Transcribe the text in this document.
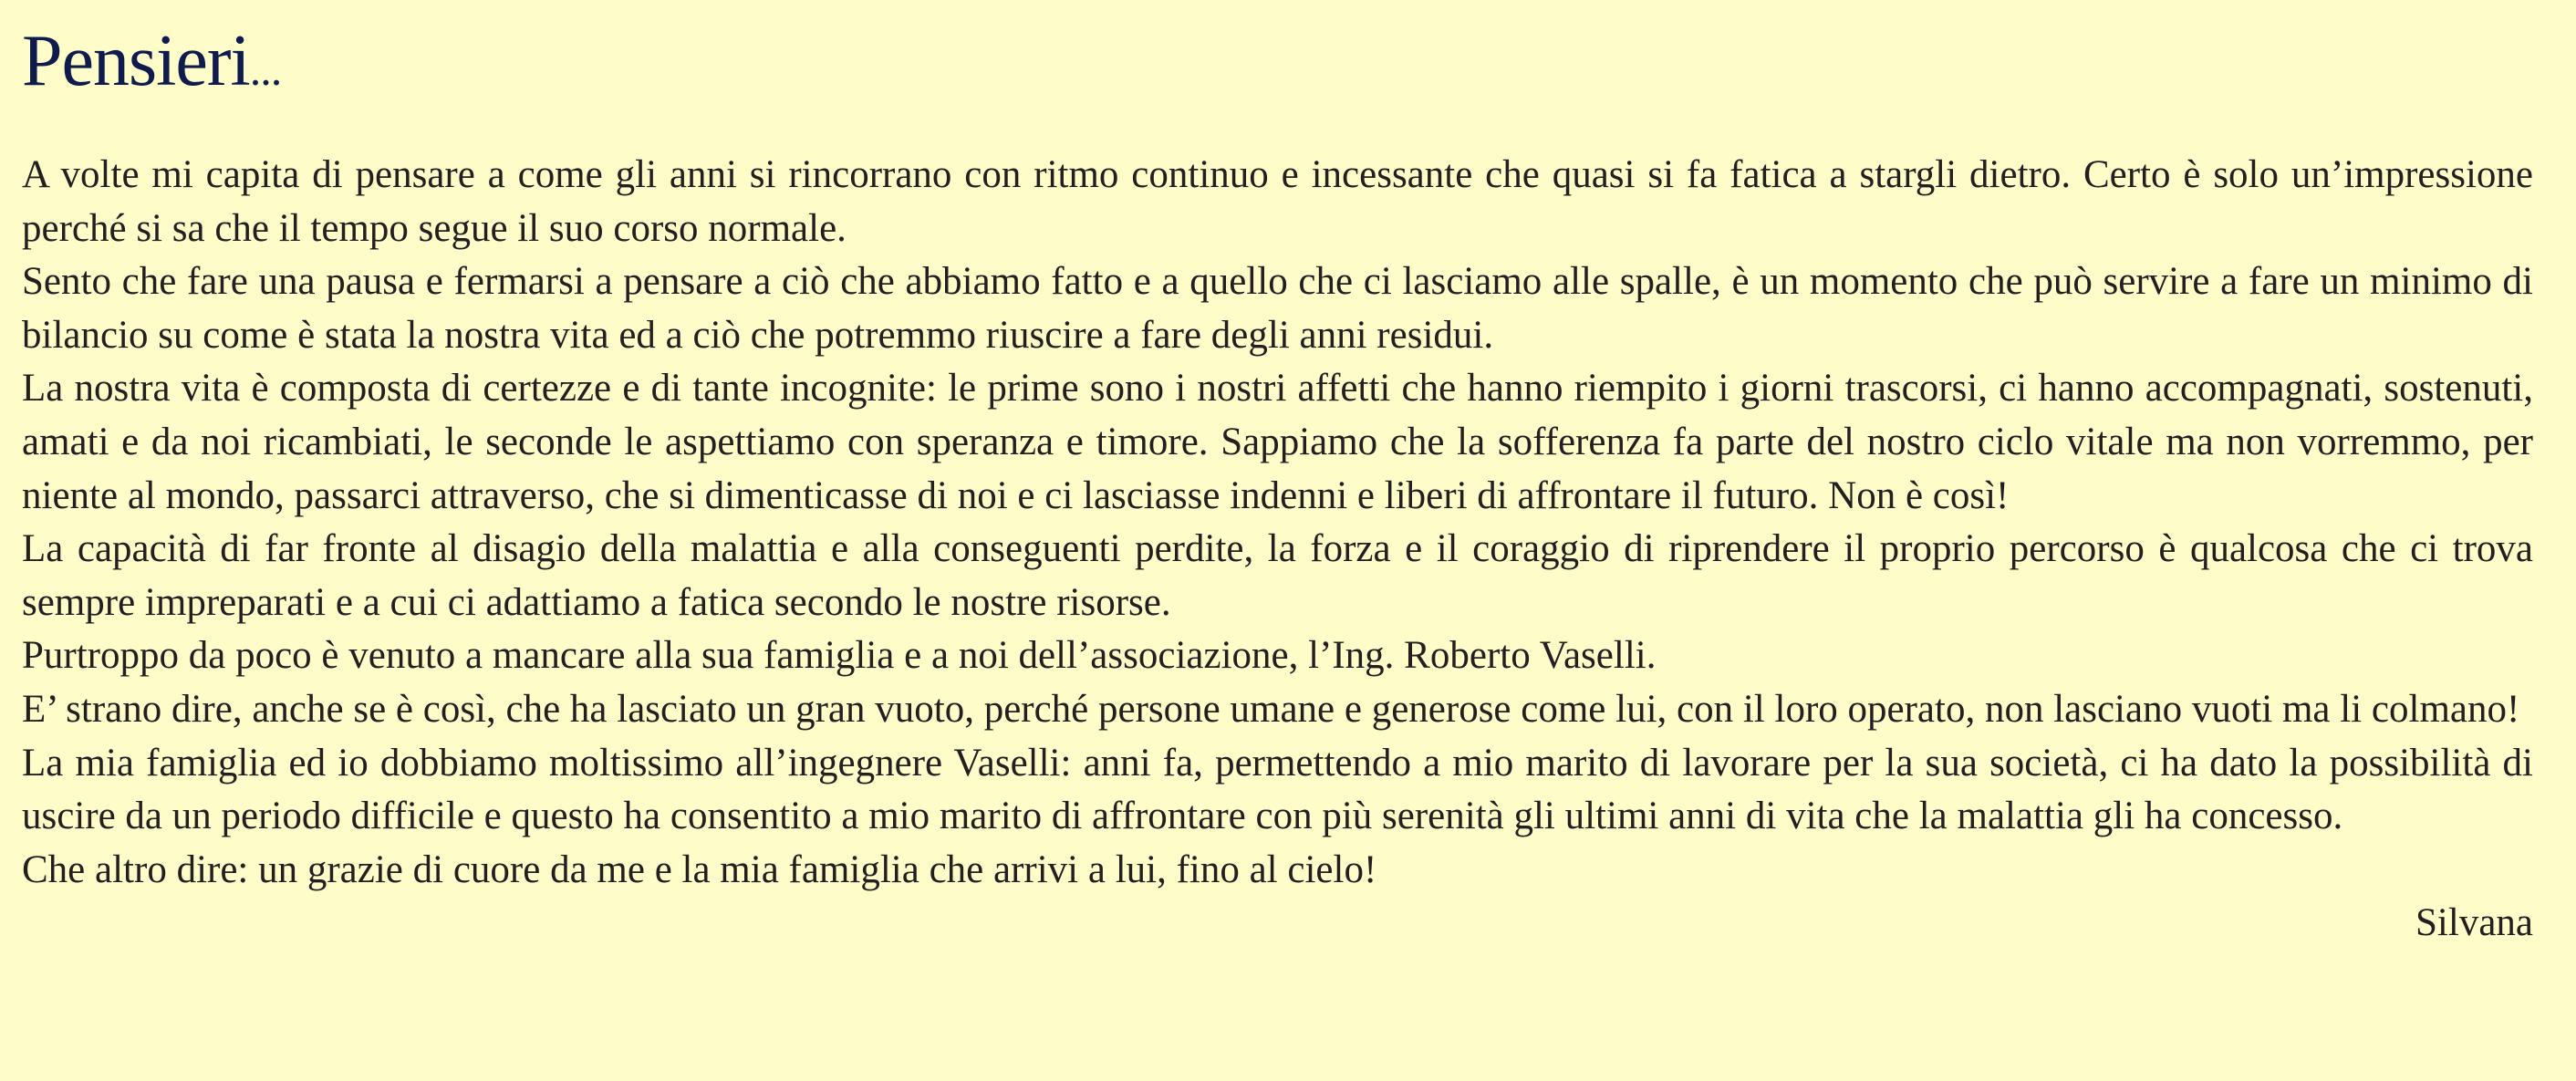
Pensieri...

A volte mi capita di pensare a come gli anni si rincorrano con ritmo continuo e incessante che quasi si fa fatica a stargli dietro. Certo è solo un’impressione perché si sa che il tempo segue il suo corso normale.

Sento che fare una pausa e fermarsi a pensare a ciò che abbiamo fatto e a quello che ci lasciamo alle spalle, è un momento che può servire a fare un minimo di bilancio su come è stata la nostra vita ed a ciò che potremmo riuscire a fare degli anni residui.

La nostra vita è composta di certezze e di tante incognite: le prime sono i nostri affetti che hanno riempito i giorni trascorsi, ci hanno accompagnati, sostenuti, amati e da noi ricambiati, le seconde le aspettiamo con speranza e timore. Sappiamo che la sofferenza fa parte del nostro ciclo vitale ma non vorremmo, per niente al mondo, passarci attraverso, che si dimenticasse di noi e ci lasciasse indenni e liberi di affrontare il futuro. Non è così!

La capacità di far fronte al disagio della malattia e alla conseguenti perdite, la forza e il coraggio di riprendere il proprio percorso è qualcosa che ci trova sempre impreparati e a cui ci adattiamo a fatica secondo le nostre risorse.

Purtroppo da poco è venuto a mancare alla sua famiglia e a noi dell’associazione, l’Ing. Roberto Vaselli.

E’ strano dire, anche se è così, che ha lasciato un gran vuoto, perché persone umane e generose come lui, con il loro operato, non lasciano vuoti ma li colmano!

La mia famiglia ed io dobbiamo moltissimo all’ingegnere Vaselli: anni fa, permettendo a mio marito di lavorare per la sua società, ci ha dato la possibilità di uscire da un periodo difficile e questo ha consentito a mio marito di affrontare con più serenità gli ultimi anni di vita che la malattia gli ha concesso.

Che altro dire: un grazie di cuore da me e la mia famiglia che arrivi a lui, fino al cielo!

Silvana
